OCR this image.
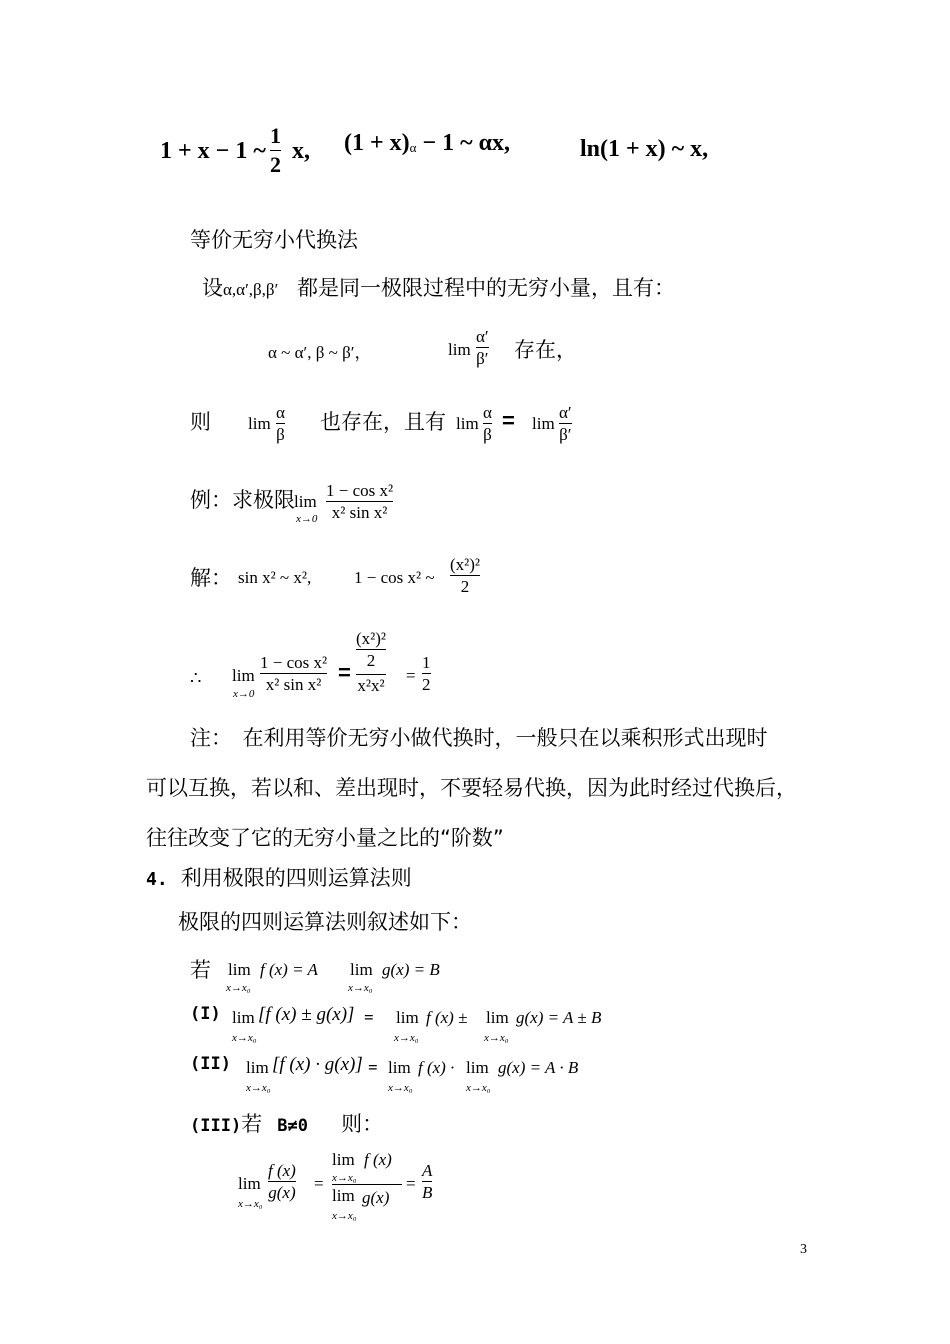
1 + x − 1 ~
1
2 x, (1 + x)α − 1 ~ αx,	ln(1 + x) ~ x,
等价无穷小代换法
设α,α′,β,β′ 都是同一极限过程中的无穷小量，且有：
α ~ α′, β ~ β′，	lim
α′
β′ 存在，
则 lim
α
β
也存在，且有 lim
α
β
= lim
α′
β′
例：求极限 lim
x→0
1 − cos x²
x² sin x²
解： sin x² ~ x²,	1 − cos x² ~
(x²)²
2
∴ lim
x→0
1 − cos x²
x² sin x² =
(x²)²
2
x²x² =
1
2
注：　在利用等价无穷小做代换时，一般只在以乘积形式出现时
可以互换，若以和、差出现时，不要轻易代换，因为此时经过代换后，
往往改变了它的无穷小量之比的“阶数”
4. 利用极限的四则运算法则
极限的四则运算法则叙述如下：
若 lim
x→x₀
f (x) = A lim
x→x₀
g(x) = B
(I) lim
x→x₀
[f (x) ± g(x)] = lim
x→x₀
f (x) ± lim
x→x₀
g(x) = A ± B
(II) lim
x→x₀
[f (x) · g(x)] = lim
x→x₀
f (x) · lim
x→x₀
g(x) = A · B
(III)若 B≠0 则：
lim
x→x₀
f (x)
g(x) =
lim f (x)
x→x₀
lim g(x)
x→x₀
=
A
B
3
